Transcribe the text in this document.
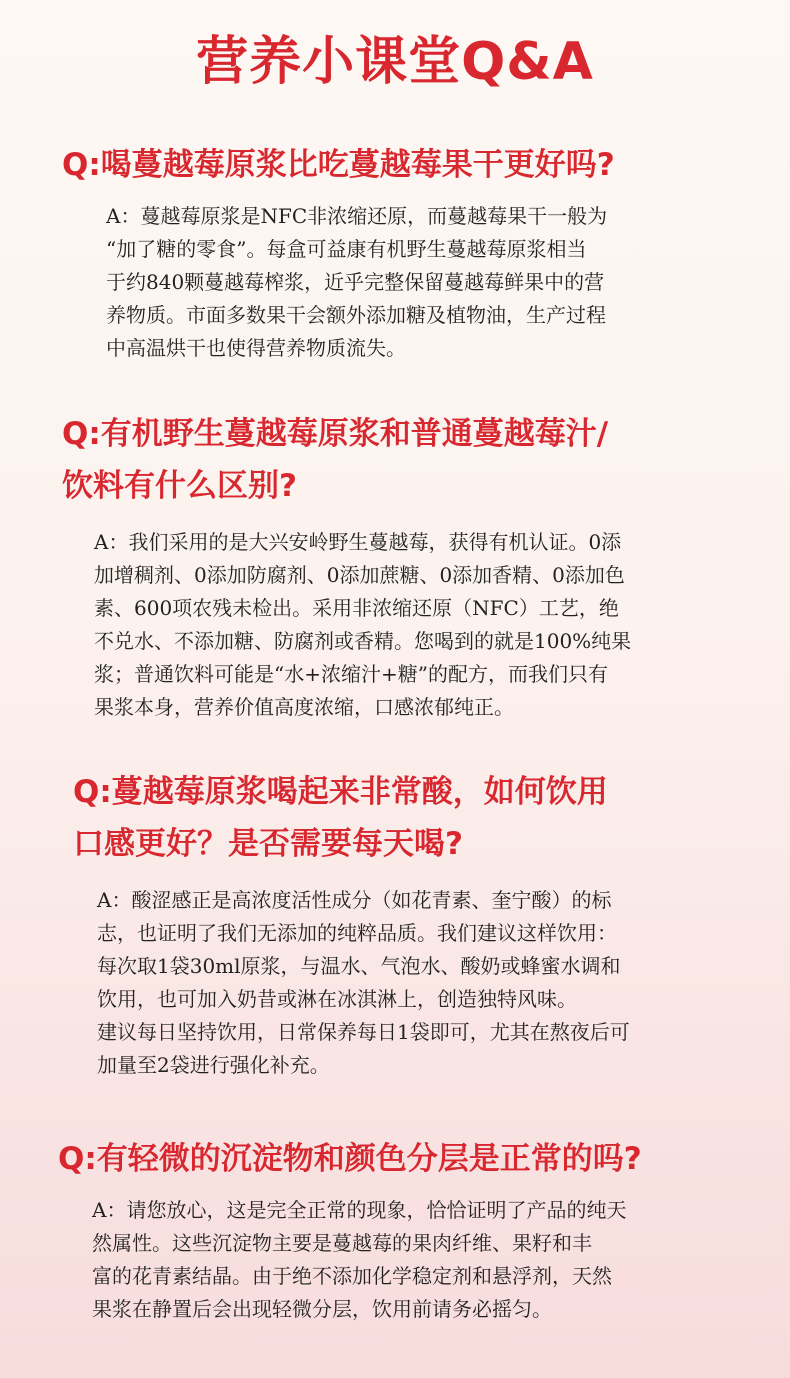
营养小课堂Q&A
Q:喝蔓越莓原浆比吃蔓越莓果干更好吗?
A：蔓越莓原浆是NFC非浓缩还原，而蔓越莓果干一般为
“加了糖的零食”。每盒可益康有机野生蔓越莓原浆相当
于约840颗蔓越莓榨浆，近乎完整保留蔓越莓鲜果中的营
养物质。市面多数果干会额外添加糖及植物油，生产过程
中高温烘干也使得营养物质流失。
Q:有机野生蔓越莓原浆和普通蔓越莓汁/
饮料有什么区别?
A：我们采用的是大兴安岭野生蔓越莓，获得有机认证。0添
加增稠剂、0添加防腐剂、0添加蔗糖、0添加香精、0添加色
素、600项农残未检出。采用非浓缩还原（NFC）工艺，绝
不兑水、不添加糖、防腐剂或香精。您喝到的就是100%纯果
浆；普通饮料可能是“水+浓缩汁+糖”的配方，而我们只有
果浆本身，营养价值高度浓缩，口感浓郁纯正。
Q:蔓越莓原浆喝起来非常酸，如何饮用
口感更好？是否需要每天喝?
A：酸涩感正是高浓度活性成分（如花青素、奎宁酸）的标
志，也证明了我们无添加的纯粹品质。我们建议这样饮用：
每次取1袋30ml原浆，与温水、气泡水、酸奶或蜂蜜水调和
饮用，也可加入奶昔或淋在冰淇淋上，创造独特风味。
建议每日坚持饮用，日常保养每日1袋即可，尤其在熬夜后可
加量至2袋进行强化补充。
Q:有轻微的沉淀物和颜色分层是正常的吗?
A：请您放心，这是完全正常的现象，恰恰证明了产品的纯天
然属性。这些沉淀物主要是蔓越莓的果肉纤维、果籽和丰
富的花青素结晶。由于绝不添加化学稳定剂和悬浮剂，天然
果浆在静置后会出现轻微分层，饮用前请务必摇匀。
